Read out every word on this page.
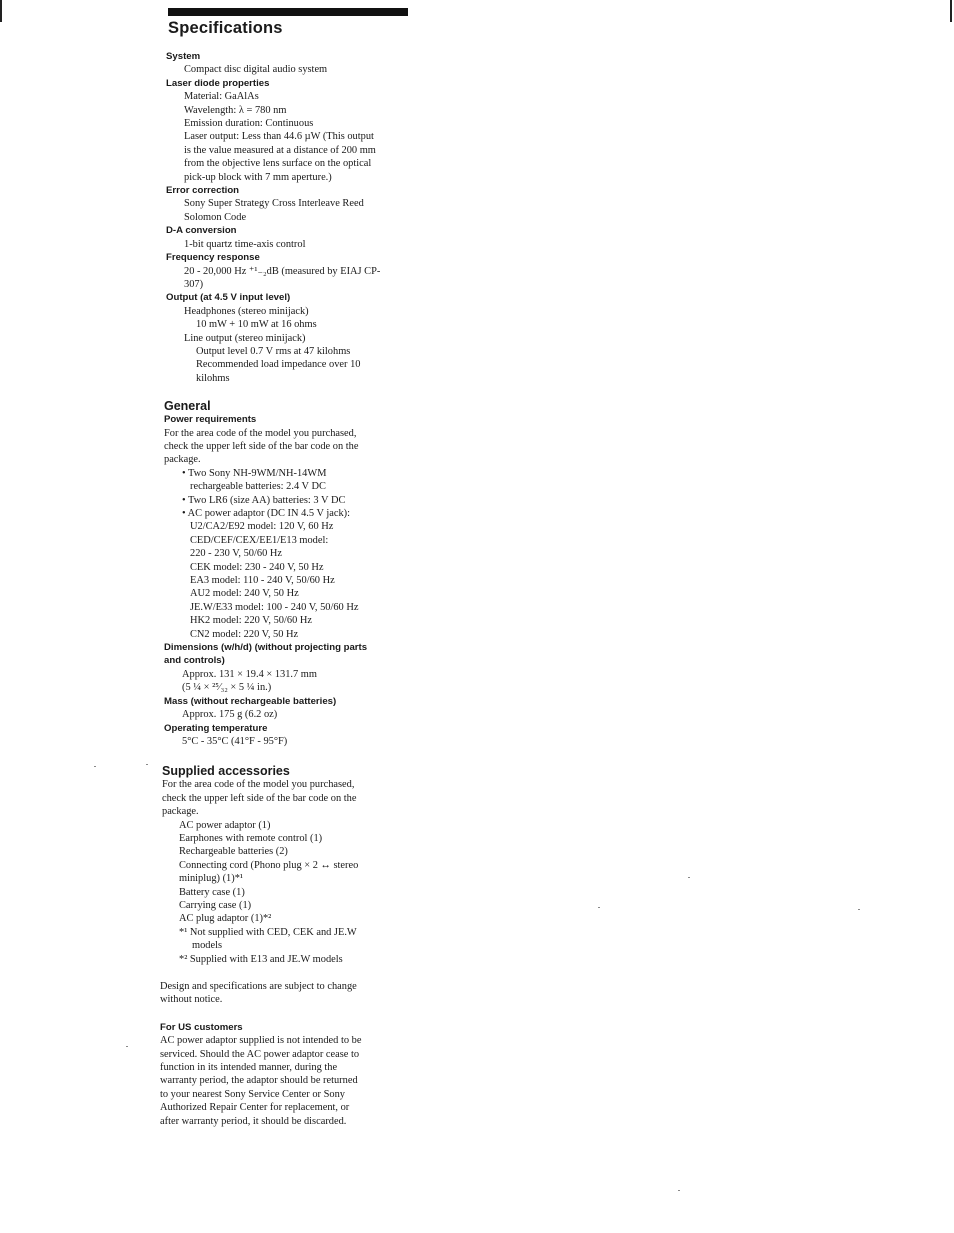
Specifications
System
Compact disc digital audio system
Laser diode properties
Material: GaAlAs
Wavelength: λ = 780 nm
Emission duration: Continuous
Laser output: Less than 44.6 µW (This output
is the value measured at a distance of 200 mm
from the objective lens surface on the optical
pick-up block with 7 mm aperture.)
Error correction
Sony Super Strategy Cross Interleave Reed
Solomon Code
D-A conversion
1-bit quartz time-axis control
Frequency response
20 - 20,000 Hz ⁺¹₋₂dB (measured by EIAJ CP-
307)
Output (at 4.5 V input level)
Headphones (stereo minijack)
10 mW + 10 mW at 16 ohms
Line output (stereo minijack)
Output level 0.7 V rms at 47 kilohms
Recommended load impedance over 10
kilohms
General
Power requirements
For the area code of the model you purchased,
check the upper left side of the bar code on the
package.
• Two Sony NH-9WM/NH-14WM
rechargeable batteries: 2.4 V DC
• Two LR6 (size AA) batteries: 3 V DC
• AC power adaptor (DC IN 4.5 V jack):
U2/CA2/E92 model: 120 V, 60 Hz
CED/CEF/CEX/EE1/E13 model:
220 - 230 V, 50/60 Hz
CEK model: 230 - 240 V, 50 Hz
EA3 model: 110 - 240 V, 50/60 Hz
AU2 model: 240 V, 50 Hz
JE.W/E33 model: 100 - 240 V, 50/60 Hz
HK2 model: 220 V, 50/60 Hz
CN2 model: 220 V, 50 Hz
Dimensions (w/h/d) (without projecting parts
and controls)
Approx. 131 × 19.4 × 131.7 mm
(5 ¼ × ²⁵⁄₃₂ × 5 ¼ in.)
Mass (without rechargeable batteries)
Approx. 175 g (6.2 oz)
Operating temperature
5°C - 35°C (41°F - 95°F)
Supplied accessories
For the area code of the model you purchased,
check the upper left side of the bar code on the
package.
AC power adaptor (1)
Earphones with remote control (1)
Rechargeable batteries (2)
Connecting cord (Phono plug × 2 ↔ stereo
miniplug) (1)*¹
Battery case (1)
Carrying case (1)
AC plug adaptor (1)*²
*¹ Not supplied with CED, CEK and JE.W
models
*² Supplied with E13 and JE.W models
Design and specifications are subject to change
without notice.
For US customers
AC power adaptor supplied is not intended to be
serviced. Should the AC power adaptor cease to
function in its intended manner, during the
warranty period, the adaptor should be returned
to your nearest Sony Service Center or Sony
Authorized Repair Center for replacement, or
after warranty period, it should be discarded.
